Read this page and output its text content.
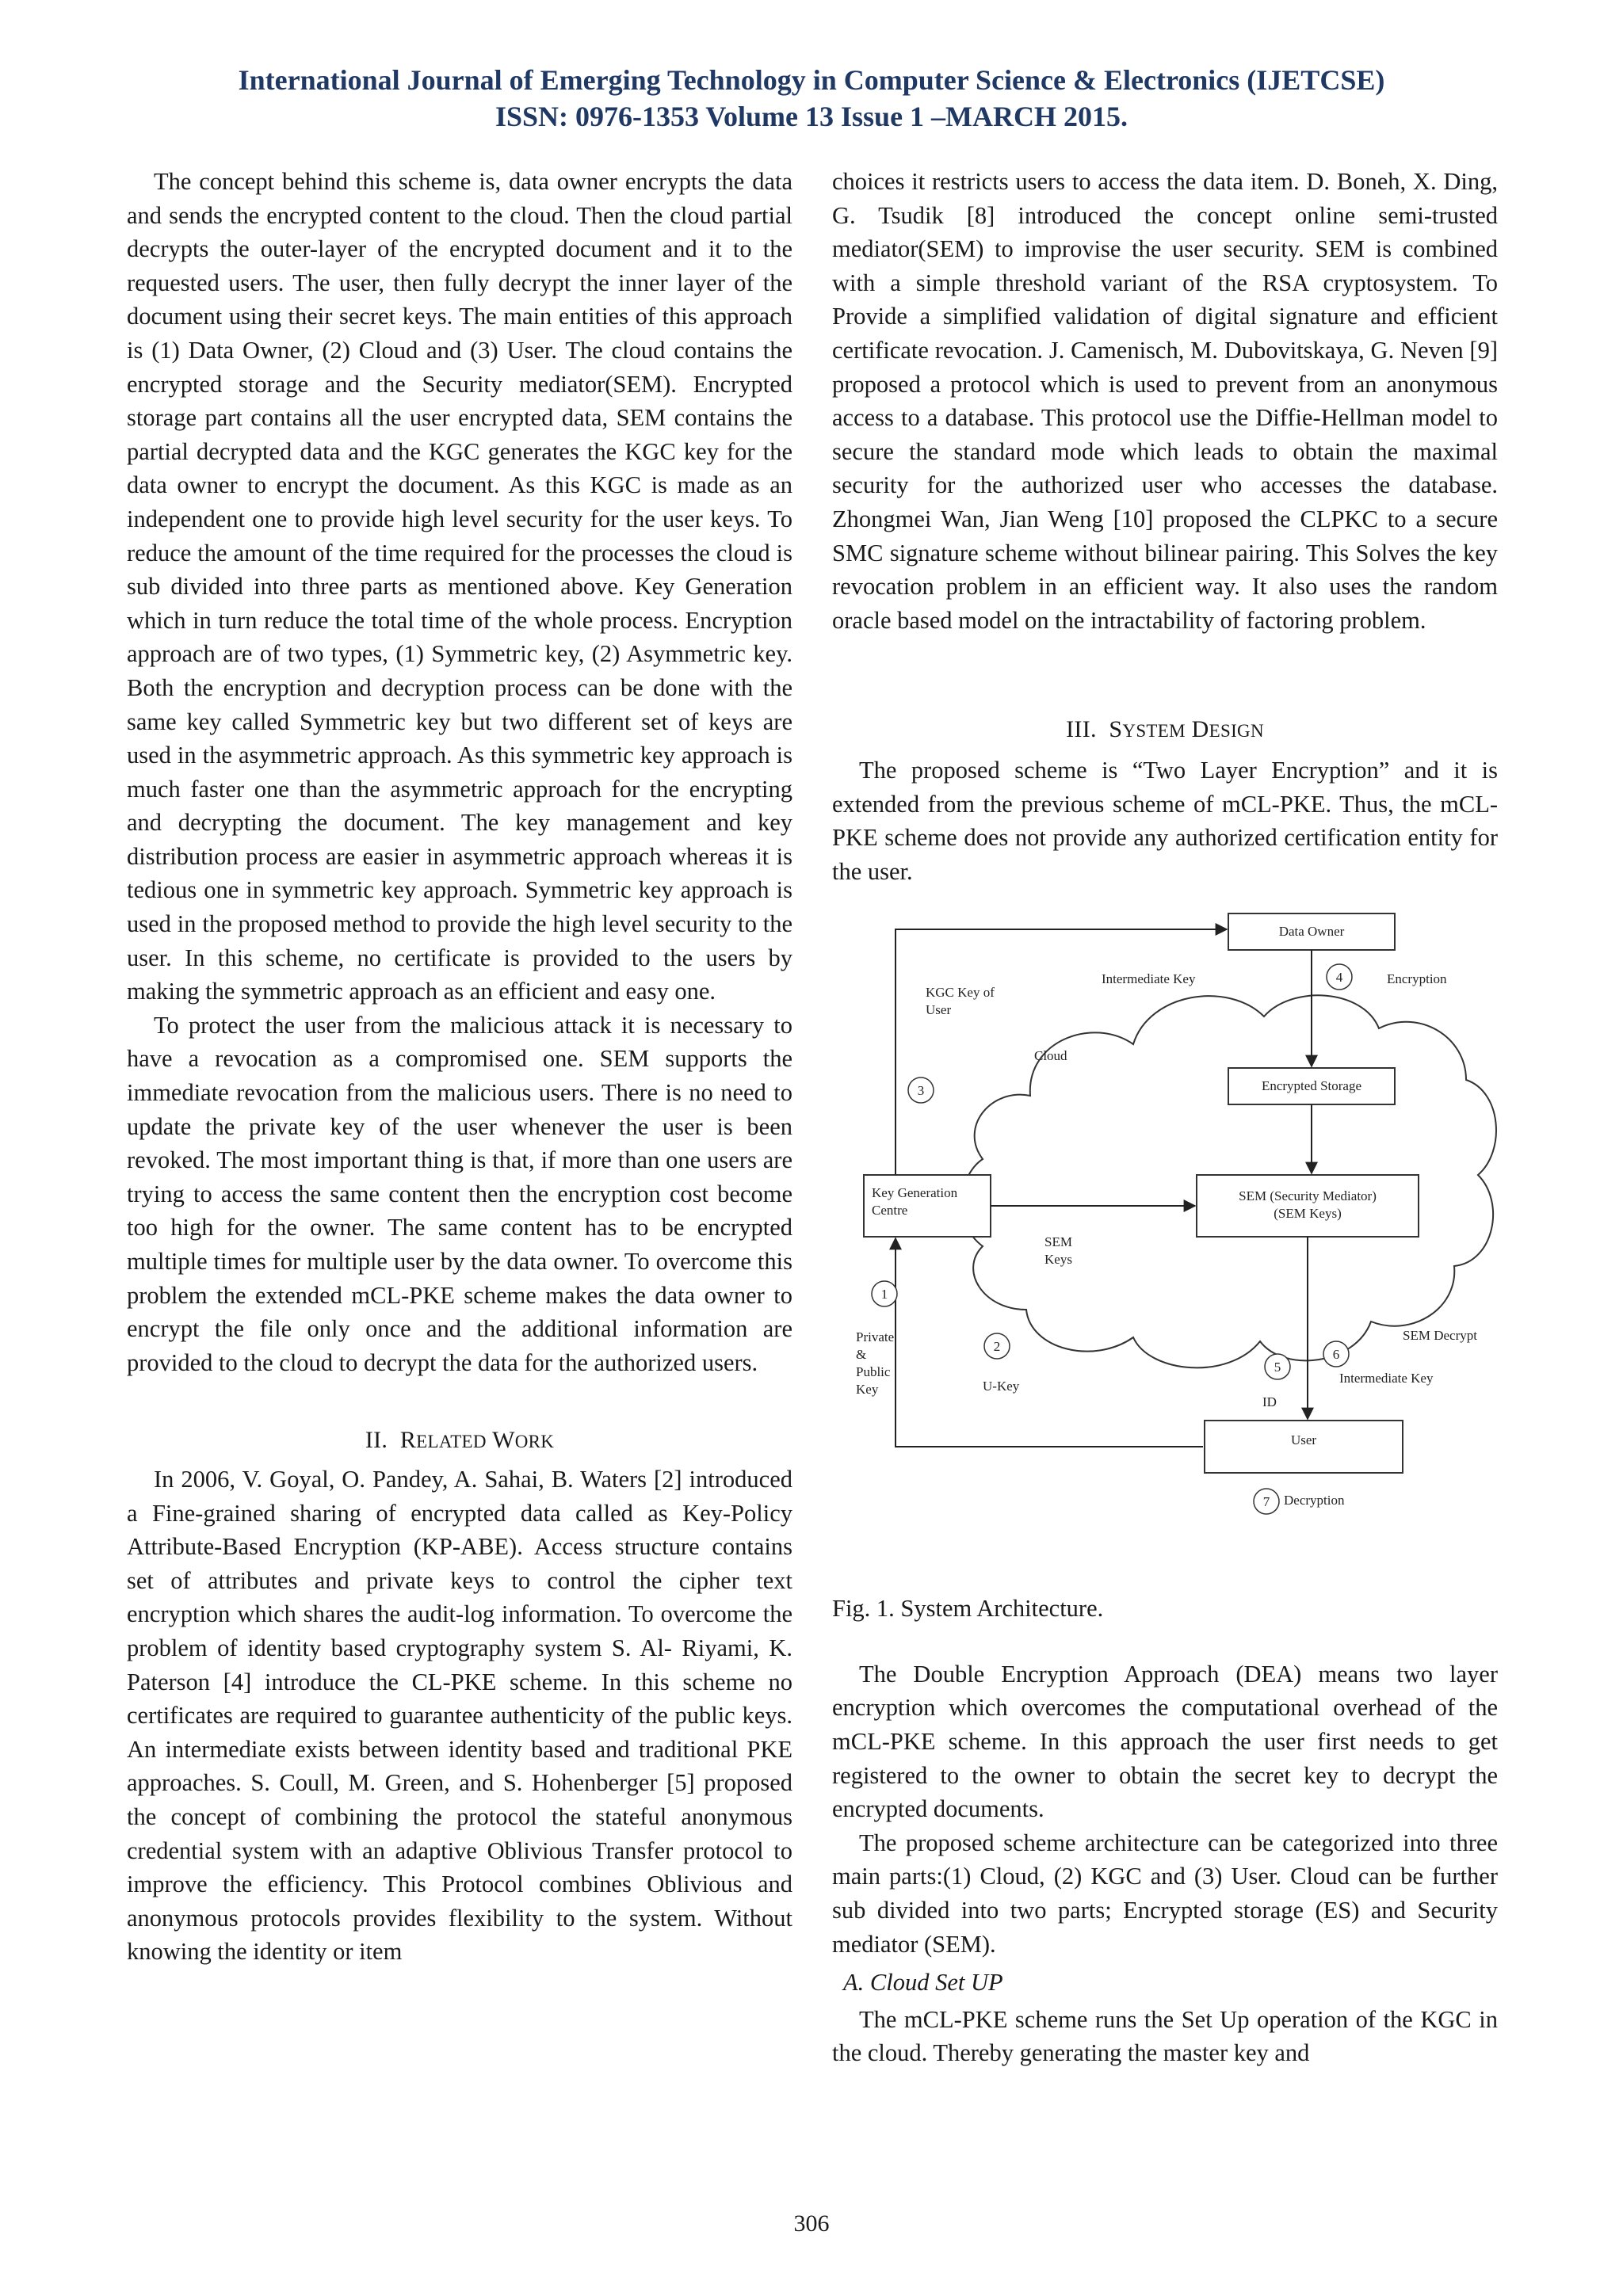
International Journal of Emerging Technology in Computer Science & Electronics (IJETCSE)
ISSN: 0976-1353 Volume 13 Issue 1 –MARCH 2015.

The concept behind this scheme is, data owner encrypts the data and sends the encrypted content to the cloud. Then the cloud partial decrypts the outer-layer of the encrypted document and it to the requested users. The user, then fully decrypt the inner layer of the document using their secret keys. The main entities of this approach is (1) Data Owner, (2) Cloud and (3) User. The cloud contains the encrypted storage and the Security mediator(SEM). Encrypted storage part contains all the user encrypted data, SEM contains the partial decrypted data and the KGC generates the KGC key for the data owner to encrypt the document. As this KGC is made as an independent one to provide high level security for the user keys. To reduce the amount of the time required for the processes the cloud is sub divided into three parts as mentioned above. Key Generation which in turn reduce the total time of the whole process. Encryption approach are of two types, (1) Symmetric key, (2) Asymmetric key. Both the encryption and decryption process can be done with the same key called Symmetric key but two different set of keys are used in the asymmetric approach. As this symmetric key approach is much faster one than the asymmetric approach for the encrypting and decrypting the document. The key management and key distribution process are easier in asymmetric approach whereas it is tedious one in symmetric key approach. Symmetric key approach is used in the proposed method to provide the high level security to the user. In this scheme, no certificate is provided to the users by making the symmetric approach as an efficient and easy one.

To protect the user from the malicious attack it is necessary to have a revocation as a compromised one. SEM supports the immediate revocation from the malicious users. There is no need to update the private key of the user whenever the user is been revoked. The most important thing is that, if more than one users are trying to access the same content then the encryption cost become too high for the owner. The same content has to be encrypted multiple times for multiple user by the data owner. To overcome this problem the extended mCL-PKE scheme makes the data owner to encrypt the file only once and the additional information are provided to the cloud to decrypt the data for the authorized users.

II. RELATED WORK

In 2006, V. Goyal, O. Pandey, A. Sahai, B. Waters [2] introduced a Fine-grained sharing of encrypted data called as Key-Policy Attribute-Based Encryption (KP-ABE). Access structure contains set of attributes and private keys to control the cipher text encryption which shares the audit-log information. To overcome the problem of identity based cryptography system S. Al- Riyami, K. Paterson [4] introduce the CL-PKE scheme. In this scheme no certificates are required to guarantee authenticity of the public keys. An intermediate exists between identity based and traditional PKE approaches. S. Coull, M. Green, and S. Hohenberger [5] proposed the concept of combining the protocol the stateful anonymous credential system with an adaptive Oblivious Transfer protocol to improve the efficiency. This Protocol combines Oblivious and anonymous protocols provides flexibility to the system. Without knowing the identity or item

choices it restricts users to access the data item. D. Boneh, X. Ding, G. Tsudik [8] introduced the concept online semi-trusted mediator(SEM) to improvise the user security. SEM is combined with a simple threshold variant of the RSA cryptosystem. To Provide a simplified validation of digital signature and efficient certificate revocation. J. Camenisch, M. Dubovitskaya, G. Neven [9] proposed a protocol which is used to prevent from an anonymous access to a database. This protocol use the Diffie-Hellman model to secure the standard mode which leads to obtain the maximal security for the authorized user who accesses the database. Zhongmei Wan, Jian Weng [10] proposed the CLPKC to a secure SMC signature scheme without bilinear pairing. This Solves the key revocation problem in an efficient way. It also uses the random oracle based model on the intractability of factoring problem.

III. SYSTEM DESIGN

The proposed scheme is “Two Layer Encryption” and it is extended from the previous scheme of mCL-PKE. Thus, the mCL-PKE scheme does not provide any authorized certification entity for the user.

Data Owner
Encrypted Storage
SEM (Security Mediator)
(SEM Keys)
Key Generation
Centre
User
Cloud
Intermediate Key	Encryption
KGC Key of
User
SEM
Keys
Private
&
Public
Key	U-Key
ID
Intermediate Key
SEM Decrypt
Decryption
1
2
3
4
5
6
7

Fig. 1. System Architecture.

The Double Encryption Approach (DEA) means two layer encryption which overcomes the computational overhead of the mCL-PKE scheme. In this approach the user first needs to get registered to the owner to obtain the secret key to decrypt the encrypted documents.

The proposed scheme architecture can be categorized into three main parts:(1) Cloud, (2) KGC and (3) User. Cloud can be further sub divided into two parts; Encrypted storage (ES) and Security mediator (SEM).

A. Cloud Set UP

The mCL-PKE scheme runs the Set Up operation of the KGC in the cloud. Thereby generating the master key and

306
